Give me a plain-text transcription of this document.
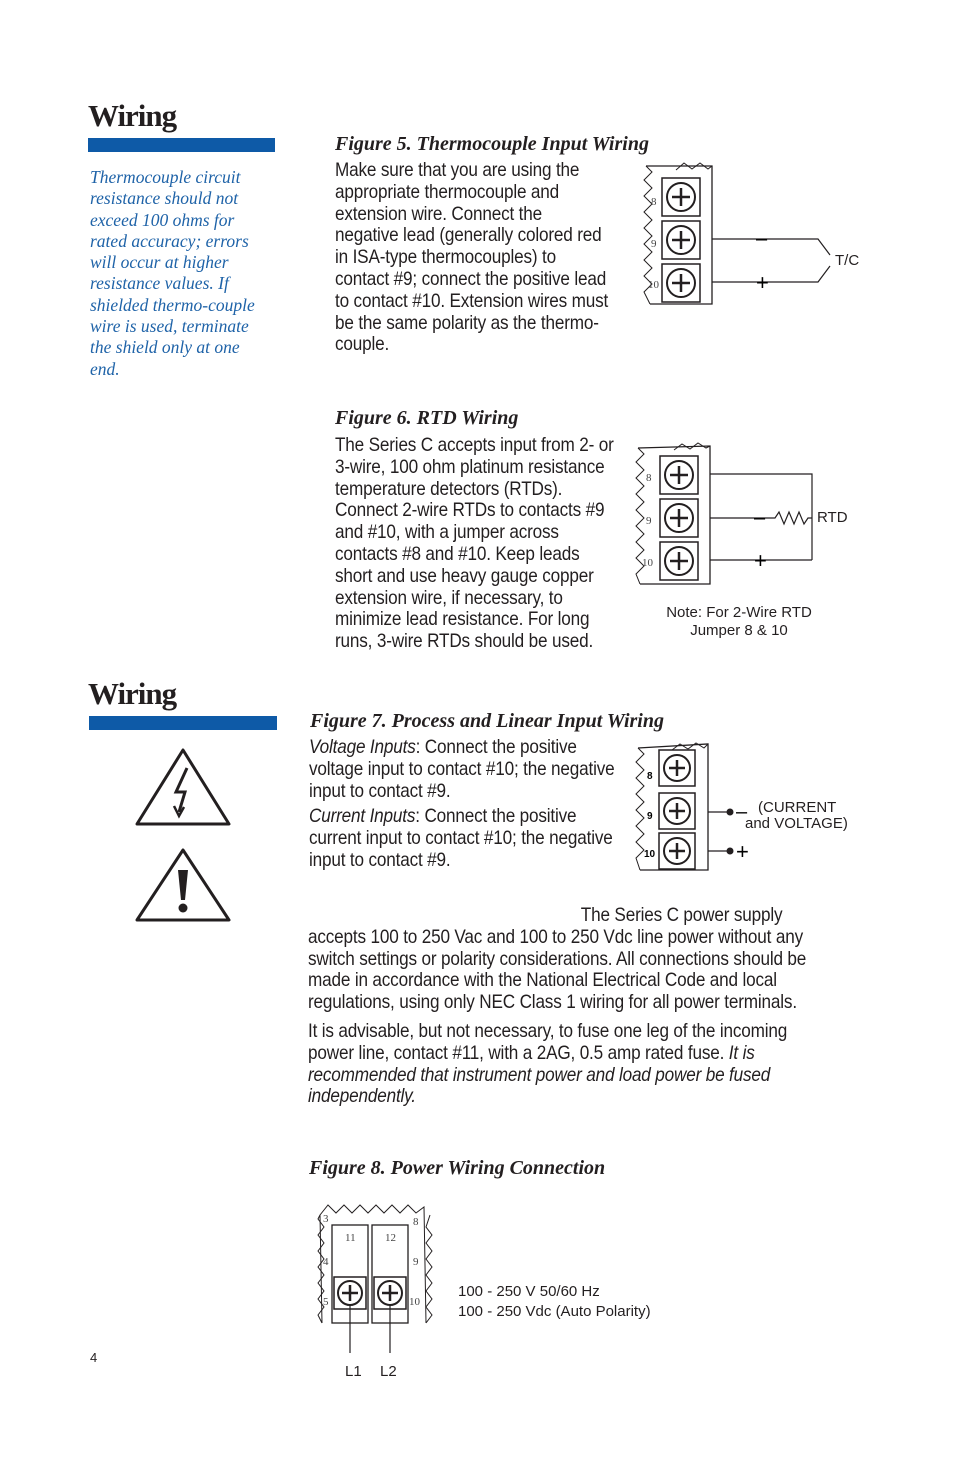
Wiring
Thermocouple circuit resistance should not exceed 100 ohms for rated accuracy; errors will occur at higher resistance values. If shielded thermo-couple wire is used, terminate the shield only at one end.
Figure 5. Thermocouple Input Wiring

Make sure that you are using the appropriate thermocouple and extension wire. Connect the negative lead (generally colored red in ISA-type thermocouples) to contact #9; connect the positive lead to contact #10. Extension wires must be the same polarity as the thermo-couple.

8
9
10
–
+
T/C
Figure 6. RTD Wiring

The Series C accepts input from 2- or 3-wire, 100 ohm platinum resistance temperature detectors (RTDs). Connect 2-wire RTDs to contacts #9 and #10, with a jumper across contacts #8 and #10. Keep leads short and use heavy gauge copper extension wire, if necessary, to minimize lead resistance. For long runs, 3-wire RTDs should be used.

8
9
10
–
+
RTD
Note: For 2-Wire RTD
Jumper 8 & 10
Wiring
Figure 7. Process and Linear Input Wiring

Voltage Inputs: Connect the positive voltage input to contact #10; the negative input to contact #9.

Current Inputs: Connect the positive current input to contact #10; the negative input to contact #9.

8
9
10
–
+
(CURRENT
and VOLTAGE)

The Series C power supply accepts 100 to 250 Vac and 100 to 250 Vdc line power without any switch settings or polarity considerations. All connections should be made in accordance with the National Electrical Code and local regulations, using only NEC Class 1 wiring for all power terminals.

It is advisable, but not necessary, to fuse one leg of the incoming power line, contact #11, with a 2AG, 0.5 amp rated fuse. It is recommended that instrument power and load power be fused independently.

Figure 8. Power Wiring Connection
11	12
3
4
5
8
9
10
L1 L2
100 - 250 V 50/60 Hz
100 - 250 Vdc (Auto Polarity)
4
